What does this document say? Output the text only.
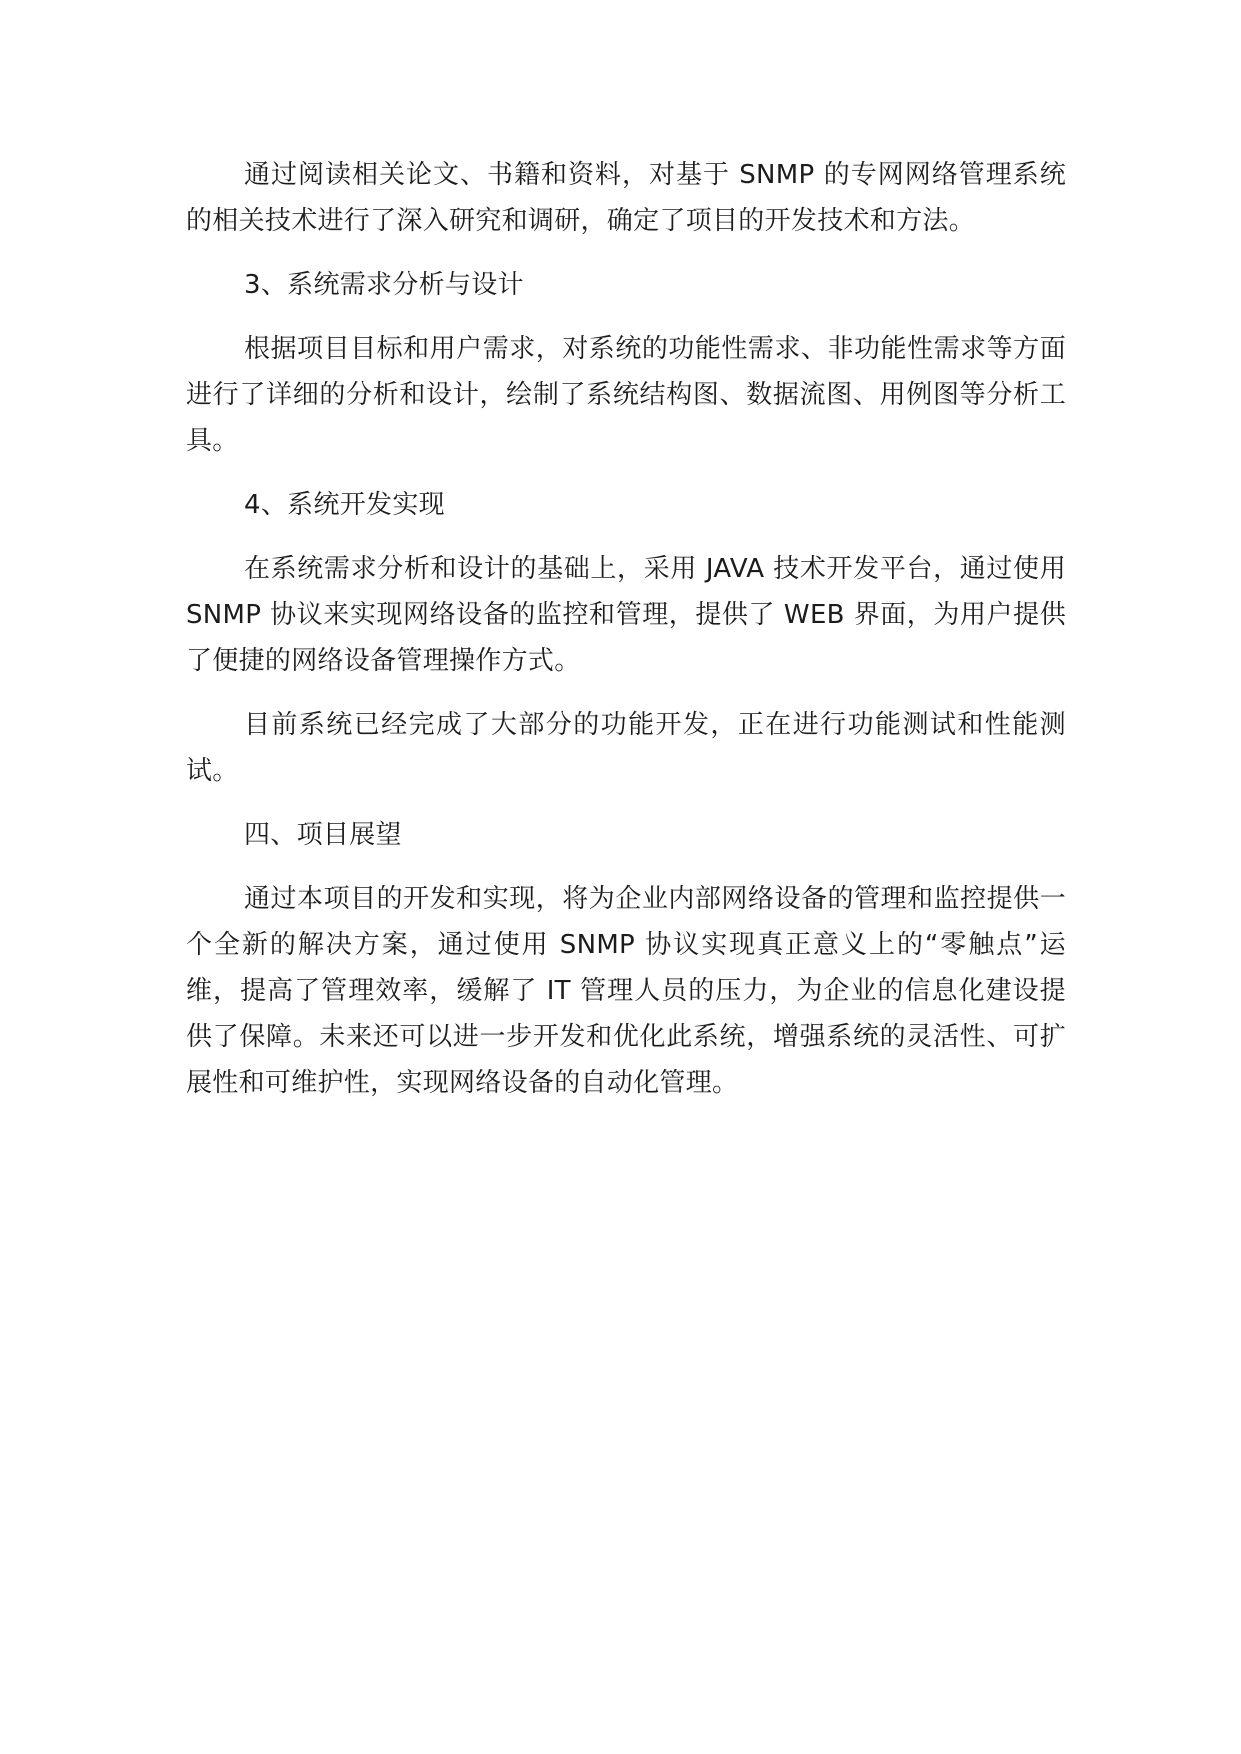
通过阅读相关论文、书籍和资料，对基于 SNMP 的专网网络管理系统的相关技术进行了深入研究和调研，确定了项目的开发技术和方法。

3、系统需求分析与设计

根据项目目标和用户需求，对系统的功能性需求、非功能性需求等方面进行了详细的分析和设计，绘制了系统结构图、数据流图、用例图等分析工具。

4、系统开发实现

在系统需求分析和设计的基础上，采用 JAVA 技术开发平台，通过使用 SNMP 协议来实现网络设备的监控和管理，提供了 WEB 界面，为用户提供了便捷的网络设备管理操作方式。

目前系统已经完成了大部分的功能开发，正在进行功能测试和性能测试。

四、项目展望

通过本项目的开发和实现，将为企业内部网络设备的管理和监控提供一个全新的解决方案，通过使用 SNMP 协议实现真正意义上的“零触点”运维，提高了管理效率，缓解了 IT 管理人员的压力，为企业的信息化建设提供了保障。未来还可以进一步开发和优化此系统，增强系统的灵活性、可扩展性和可维护性，实现网络设备的自动化管理。
